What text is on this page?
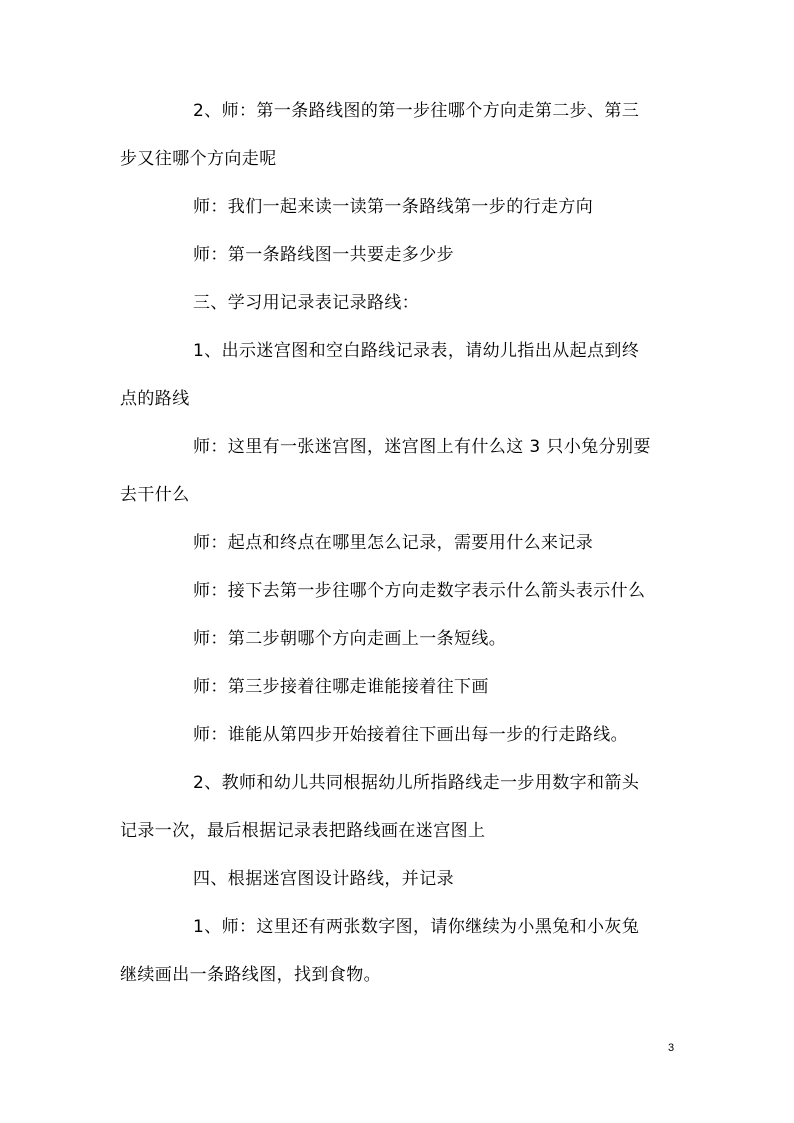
2、师：第一条路线图的第一步往哪个方向走第二步、第三
步又往哪个方向走呢
师：我们一起来读一读第一条路线第一步的行走方向
师：第一条路线图一共要走多少步
三、学习用记录表记录路线：
1、出示迷宫图和空白路线记录表，请幼儿指出从起点到终
点的路线
师：这里有一张迷宫图，迷宫图上有什么这 3 只小兔分别要
去干什么
师：起点和终点在哪里怎么记录，需要用什么来记录
师：接下去第一步往哪个方向走数字表示什么箭头表示什么
师：第二步朝哪个方向走画上一条短线。
师：第三步接着往哪走谁能接着往下画
师：谁能从第四步开始接着往下画出每一步的行走路线。
2、教师和幼儿共同根据幼儿所指路线走一步用数字和箭头
记录一次，最后根据记录表把路线画在迷宫图上
四、根据迷宫图设计路线，并记录
1、师：这里还有两张数字图，请你继续为小黑兔和小灰兔
继续画出一条路线图，找到食物。
3
